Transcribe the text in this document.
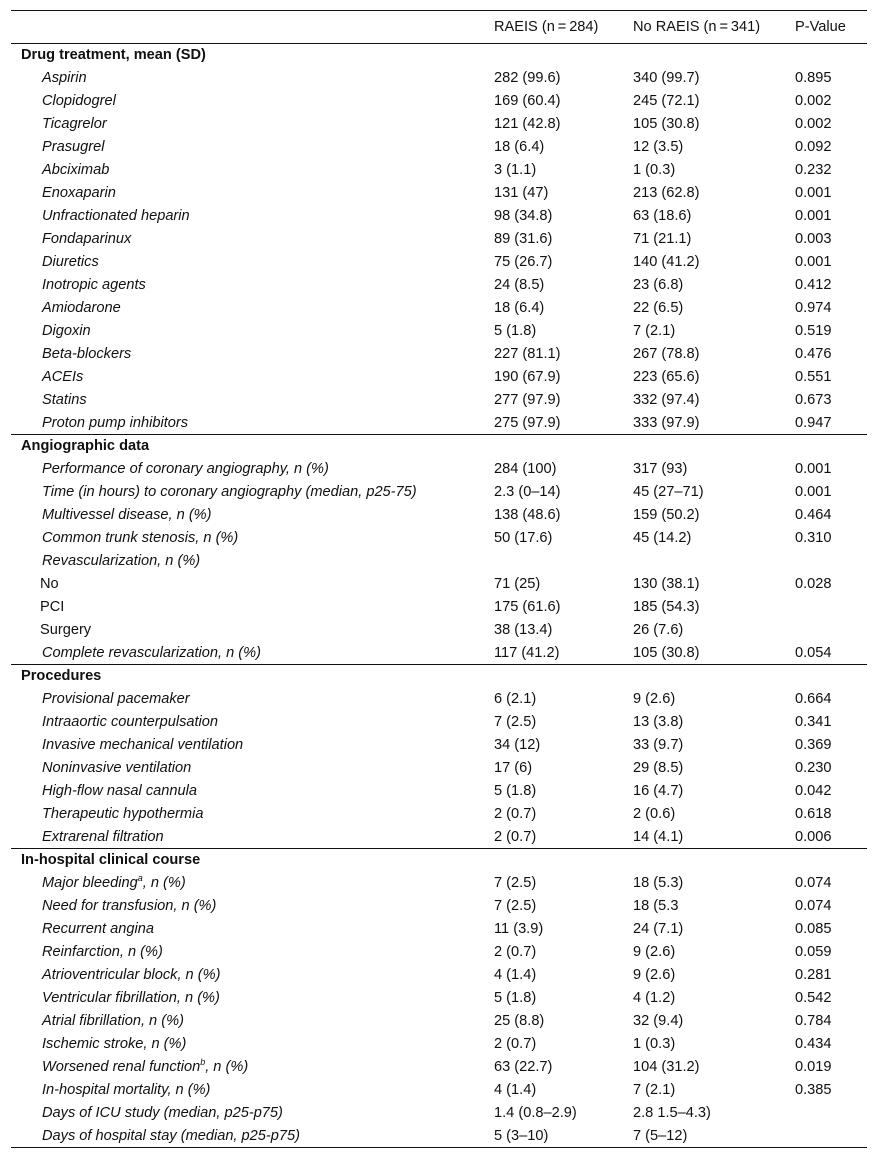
	RAEIS (n = 284)	No RAEIS (n = 341)	P-Value
Drug treatment, mean (SD)			
Aspirin	282 (99.6)	340 (99.7)	0.895
Clopidogrel	169 (60.4)	245 (72.1)	0.002
Ticagrelor	121 (42.8)	105 (30.8)	0.002
Prasugrel	18 (6.4)	12 (3.5)	0.092
Abciximab	3 (1.1)	1 (0.3)	0.232
Enoxaparin	131 (47)	213 (62.8)	0.001
Unfractionated heparin	98 (34.8)	63 (18.6)	0.001
Fondaparinux	89 (31.6)	71 (21.1)	0.003
Diuretics	75 (26.7)	140 (41.2)	0.001
Inotropic agents	24 (8.5)	23 (6.8)	0.412
Amiodarone	18 (6.4)	22 (6.5)	0.974
Digoxin	5 (1.8)	7 (2.1)	0.519
Beta-blockers	227 (81.1)	267 (78.8)	0.476
ACEIs	190 (67.9)	223 (65.6)	0.551
Statins	277 (97.9)	332 (97.4)	0.673
Proton pump inhibitors	275 (97.9)	333 (97.9)	0.947
Angiographic data			
Performance of coronary angiography, n (%)	284 (100)	317 (93)	0.001
Time (in hours) to coronary angiography (median, p25-75)	2.3 (0–14)	45 (27–71)	0.001
Multivessel disease, n (%)	138 (48.6)	159 (50.2)	0.464
Common trunk stenosis, n (%)	50 (17.6)	45 (14.2)	0.310
Revascularization, n (%)			
No	71 (25)	130 (38.1)	0.028
PCI	175 (61.6)	185 (54.3)	
Surgery	38 (13.4)	26 (7.6)	
Complete revascularization, n (%)	117 (41.2)	105 (30.8)	0.054
Procedures			
Provisional pacemaker	6 (2.1)	9 (2.6)	0.664
Intraaortic counterpulsation	7 (2.5)	13 (3.8)	0.341
Invasive mechanical ventilation	34 (12)	33 (9.7)	0.369
Noninvasive ventilation	17 (6)	29 (8.5)	0.230
High-flow nasal cannula	5 (1.8)	16 (4.7)	0.042
Therapeutic hypothermia	2 (0.7)	2 (0.6)	0.618
Extrarenal filtration	2 (0.7)	14 (4.1)	0.006
In-hospital clinical course			
Major bleeding$^a$, n (%)	7 (2.5)	18 (5.3)	0.074
Need for transfusion, n (%)	7 (2.5)	18 (5.3	0.074
Recurrent angina	11 (3.9)	24 (7.1)	0.085
Reinfarction, n (%)	2 (0.7)	9 (2.6)	0.059
Atrioventricular block, n (%)	4 (1.4)	9 (2.6)	0.281
Ventricular fibrillation, n (%)	5 (1.8)	4 (1.2)	0.542
Atrial fibrillation, n (%)	25 (8.8)	32 (9.4)	0.784
Ischemic stroke, n (%)	2 (0.7)	1 (0.3)	0.434
Worsened renal function$^b$, n (%)	63 (22.7)	104 (31.2)	0.019
In-hospital mortality, n (%)	4 (1.4)	7 (2.1)	0.385
Days of ICU study (median, p25-p75)	1.4 (0.8–2.9)	2.8 1.5–4.3)	
Days of hospital stay (median, p25-p75)	5 (3–10)	7 (5–12)	
